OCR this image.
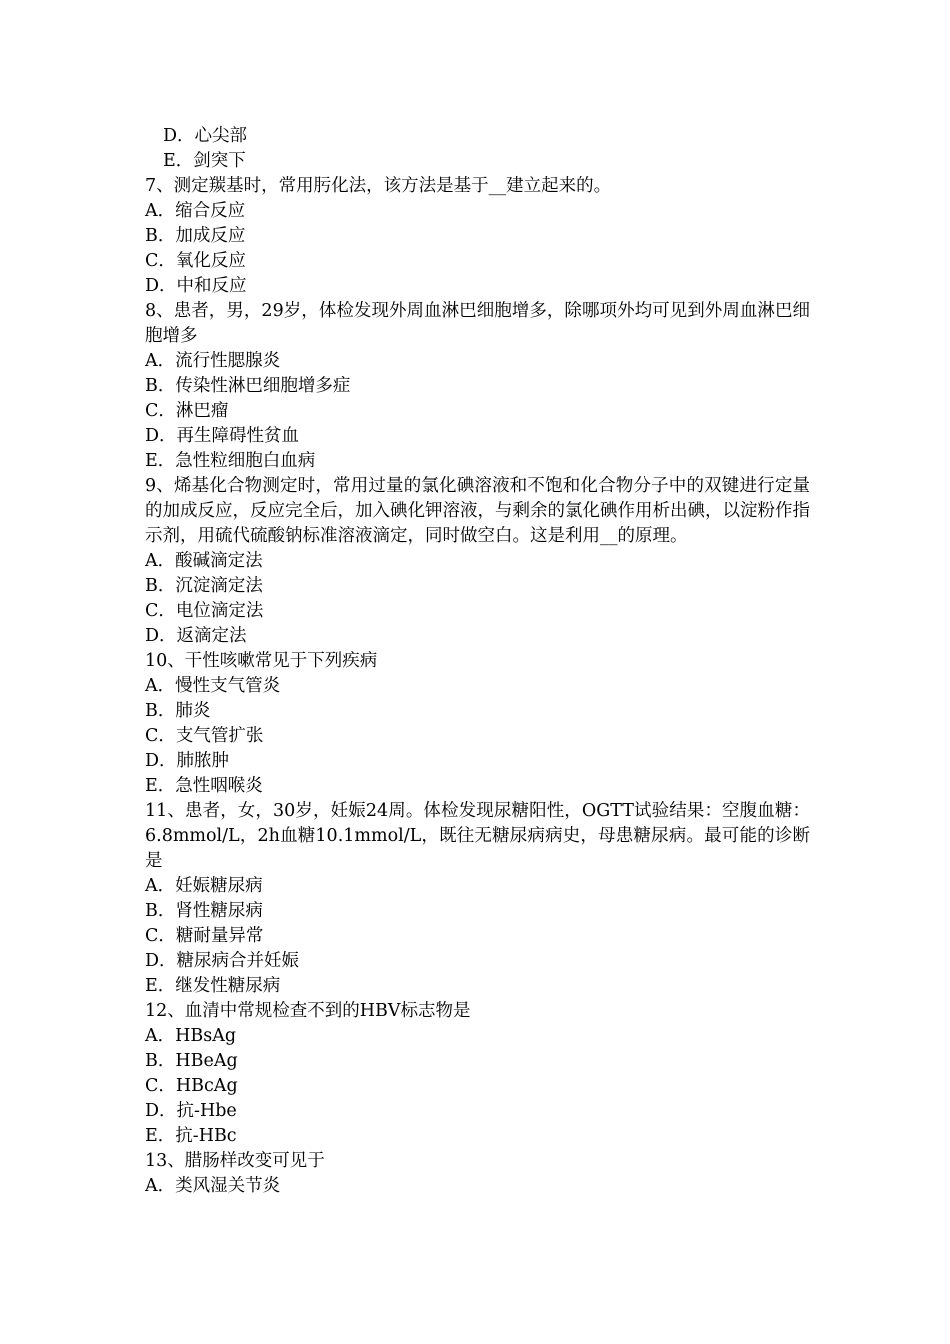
D．心尖部
E．剑突下
7、测定羰基时，常用肟化法，该方法是基于__建立起来的。
A．缩合反应
B．加成反应
C．氧化反应
D．中和反应
8、患者，男，29岁，体检发现外周血淋巴细胞增多，除哪项外均可见到外周血淋巴细胞增多
A．流行性腮腺炎
B．传染性淋巴细胞增多症
C．淋巴瘤
D．再生障碍性贫血
E．急性粒细胞白血病
9、烯基化合物测定时，常用过量的氯化碘溶液和不饱和化合物分子中的双键进行定量的加成反应，反应完全后，加入碘化钾溶液，与剩余的氯化碘作用析出碘，以淀粉作指示剂，用硫代硫酸钠标准溶液滴定，同时做空白。这是利用__的原理。
A．酸碱滴定法
B．沉淀滴定法
C．电位滴定法
D．返滴定法
10、干性咳嗽常见于下列疾病
A．慢性支气管炎
B．肺炎
C．支气管扩张
D．肺脓肿
E．急性咽喉炎
11、患者，女，30岁，妊娠24周。体检发现尿糖阳性，OGTT试验结果：空腹血糖：6.8mmol/L，2h血糖10.1mmol/L，既往无糖尿病病史，母患糖尿病。最可能的诊断是
A．妊娠糖尿病
B．肾性糖尿病
C．糖耐量异常
D．糖尿病合并妊娠
E．继发性糖尿病
12、血清中常规检查不到的HBV标志物是
A．HBsAg
B．HBeAg
C．HBcAg
D．抗-Hbe
E．抗-HBc
13、腊肠样改变可见于
A．类风湿关节炎
